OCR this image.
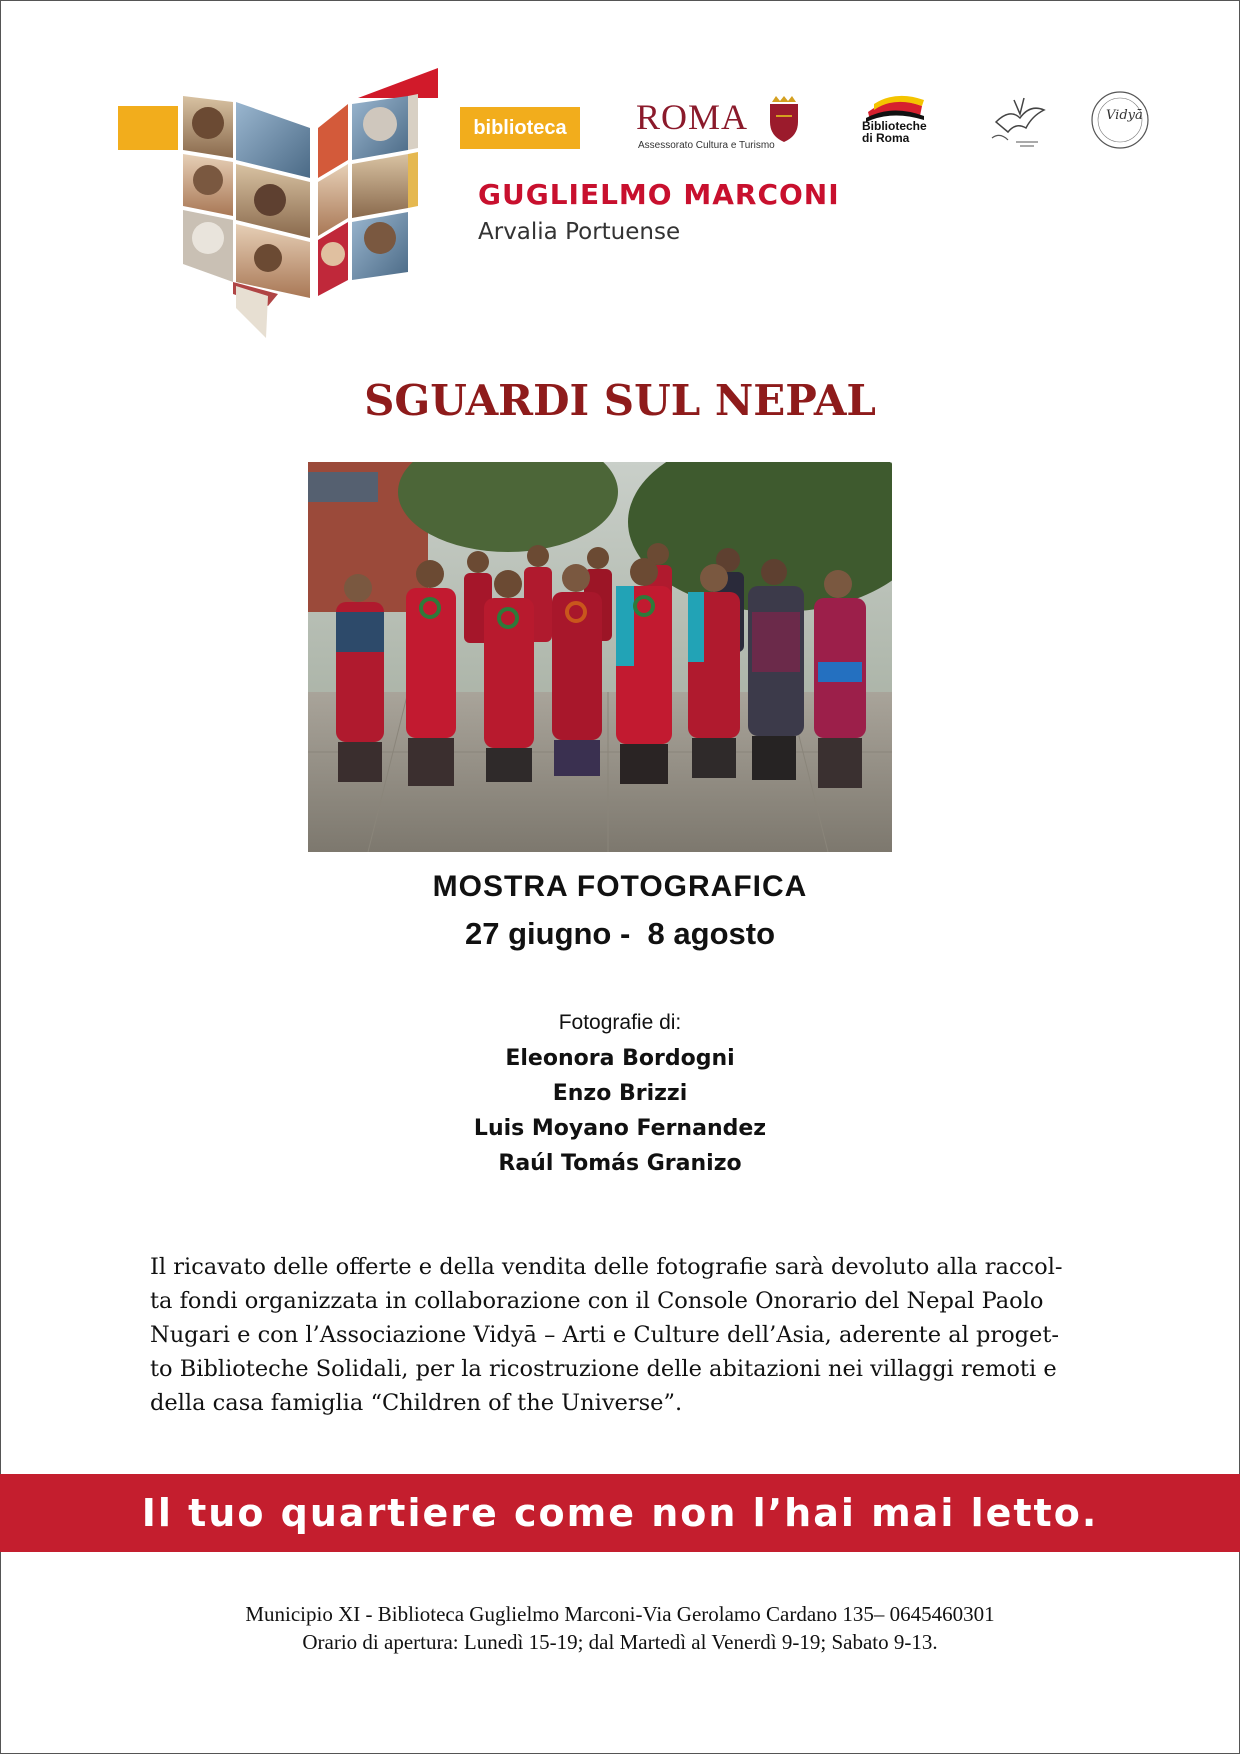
biblioteca
GUGLIELMO MARCONI
Arvalia Portuense
ROMA
Assessorato Cultura e Turismo
Biblioteche
di Roma
Vidyā
SGUARDI SUL NEPAL
MOSTRA FOTOGRAFICA
27 giugno -  8 agosto
Fotografie di:
Eleonora Bordogni
Enzo Brizzi
Luis Moyano Fernandez
Raúl Tomás Granizo
Il ricavato delle offerte e della vendita delle fotografie sarà devoluto alla raccol-
ta fondi organizzata in collaborazione con il Console Onorario del Nepal Paolo
Nugari e con l’Associazione Vidyā – Arti e Culture dell’Asia, aderente al proget-
to Biblioteche Solidali, per la ricostruzione delle abitazioni nei villaggi remoti e
della casa famiglia “Children of the Universe”.
Il tuo quartiere come non l’hai mai letto.
Municipio XI - Biblioteca Guglielmo Marconi-Via Gerolamo Cardano 135– 0645460301
Orario di apertura: Lunedì 15-19; dal Martedì al Venerdì 9-19; Sabato 9-13.
